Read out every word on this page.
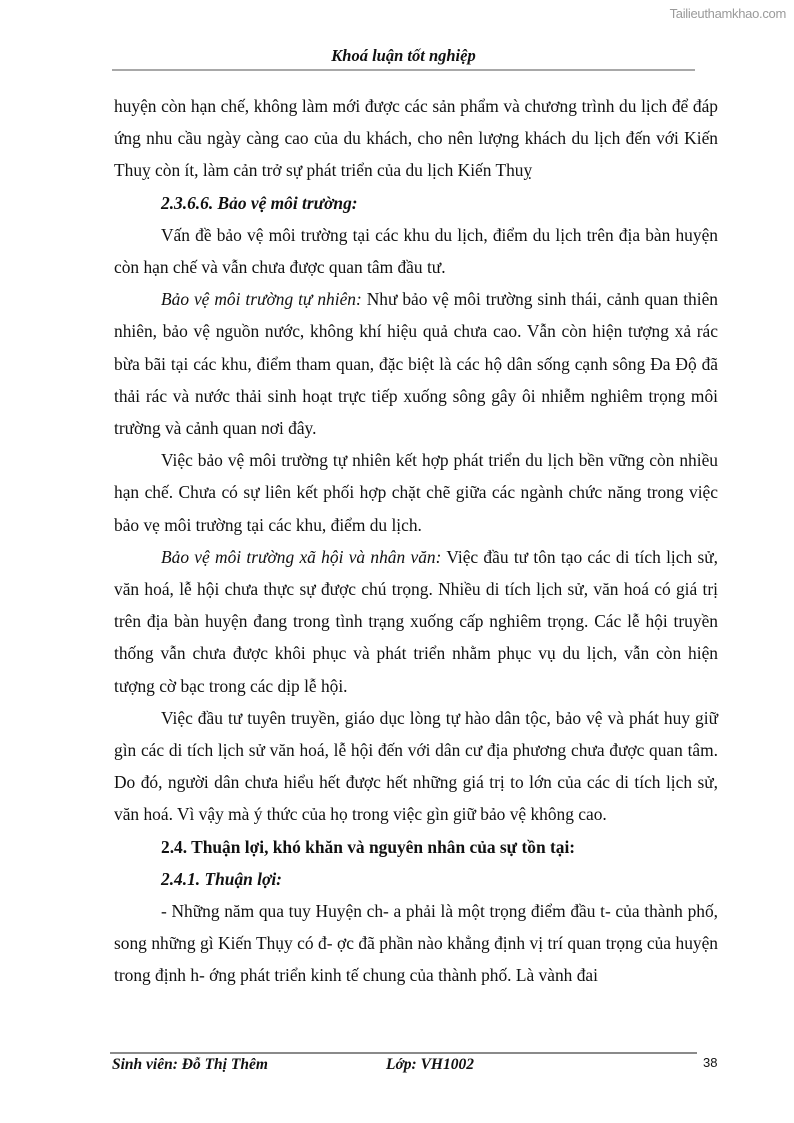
Tailieuthamkhao.com
Khoá luận tốt nghiệp

huyện còn hạn chế, không làm mới được các sản phẩm và chương trình du lịch để đáp ứng nhu cầu ngày càng cao của du khách, cho nên lượng khách du lịch đến với Kiến Thuỵ còn ít, làm cản trở sự phát triển của du lịch Kiến Thuỵ

2.3.6.6. Bảo vệ môi trường:

Vấn đề bảo vệ môi trường tại các khu du lịch, điểm du lịch trên địa bàn huyện còn hạn chế và vẫn chưa được quan tâm đầu tư.

Bảo vệ môi trường tự nhiên: Như bảo vệ môi trường sinh thái, cảnh quan thiên nhiên, bảo vệ nguồn nước, không khí hiệu quả chưa cao. Vẫn còn hiện tượng xả rác bừa bãi tại các khu, điểm tham quan, đặc biệt là các hộ dân sống cạnh sông Đa Độ đã thải rác và nước thải sinh hoạt trực tiếp xuống sông gây ôi nhiễm nghiêm trọng môi trường và cảnh quan nơi đây.

Việc bảo vệ môi trường tự nhiên kết hợp phát triển du lịch bền vững còn nhiều hạn chế. Chưa có sự liên kết phối hợp chặt chẽ giữa các ngành chức năng trong việc bảo vẹ môi trường tại các khu, điểm du lịch.

Bảo vệ môi trường xã hội và nhân văn: Việc đầu tư tôn tạo các di tích lịch sử, văn hoá, lễ hội chưa thực sự được chú trọng. Nhiều di tích lịch sử, văn hoá có giá trị trên địa bàn huyện đang trong tình trạng xuống cấp nghiêm trọng. Các lễ hội truyền thống vẫn chưa được khôi phục và phát triển nhằm phục vụ du lịch, vẫn còn hiện tượng cờ bạc trong các dịp lễ hội.

Việc đầu tư tuyên truyền, giáo dục lòng tự hào dân tộc, bảo vệ và phát huy giữ gìn các di tích lịch sử văn hoá, lễ hội đến với dân cư địa phương chưa được quan tâm. Do đó, người dân chưa hiểu hết được hết những giá trị to lớn của các di tích lịch sử, văn hoá. Vì vậy mà ý thức của họ trong việc gìn giữ bảo vệ không cao.

2.4. Thuận lợi, khó khăn và nguyên nhân của sự tồn tại:

2.4.1. Thuận lợi:

- Những năm qua tuy Huyện ch- a phải là một trọng điểm đầu t- của thành phố, song những gì Kiến Thụy có đ- ợc đã phần nào khẳng định vị trí quan trọng của huyện trong định h- ớng phát triển kinh tế chung của thành phố. Là vành đai

Sinh viên: Đỗ Thị Thêm	Lớp: VH1002	38
